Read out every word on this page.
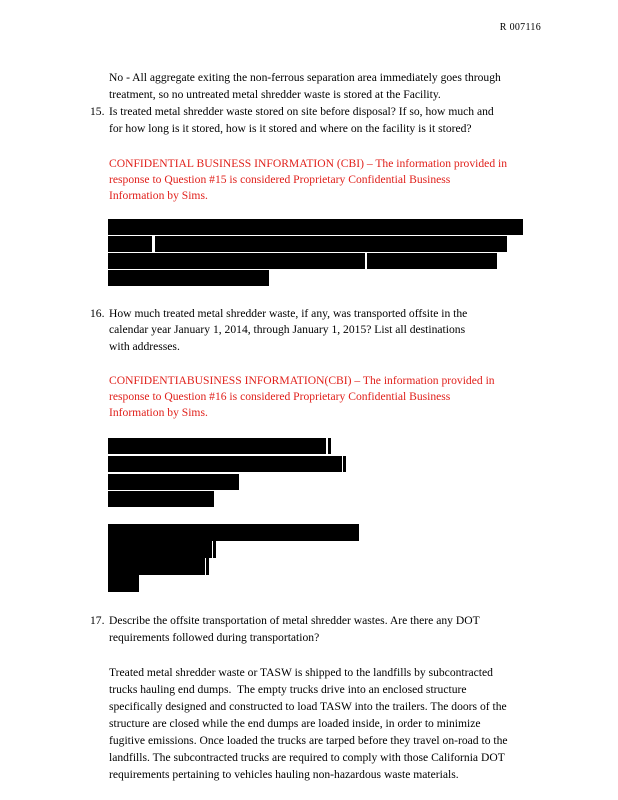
R 007116
No - All aggregate exiting the non-ferrous separation area immediately goes through
treatment, so no untreated metal shredder waste is stored at the Facility.
15. Is treated metal shredder waste stored on site before disposal? If so, how much and
for how long is it stored, how is it stored and where on the facility is it stored?
CONFIDENTIAL BUSINESS INFORMATION (CBI) – The information provided in
response to Question #15 is considered Proprietary Confidential Business
Information by Sims.
16. How much treated metal shredder waste, if any, was transported offsite in the
calendar year January 1, 2014, through January 1, 2015? List all destinations
with addresses.
CONFIDENTIABUSINESS INFORMATION(CBI) – The information provided in
response to Question #16 is considered Proprietary Confidential Business
Information by Sims.
17. Describe the offsite transportation of metal shredder wastes. Are there any DOT
requirements followed during transportation?
Treated metal shredder waste or TASW is shipped to the landfills by subcontracted
trucks hauling end dumps.  The empty trucks drive into an enclosed structure
specifically designed and constructed to load TASW into the trailers. The doors of the
structure are closed while the end dumps are loaded inside, in order to minimize
fugitive emissions. Once loaded the trucks are tarped before they travel on-road to the
landfills. The subcontracted trucks are required to comply with those California DOT
requirements pertaining to vehicles hauling non-hazardous waste materials.
